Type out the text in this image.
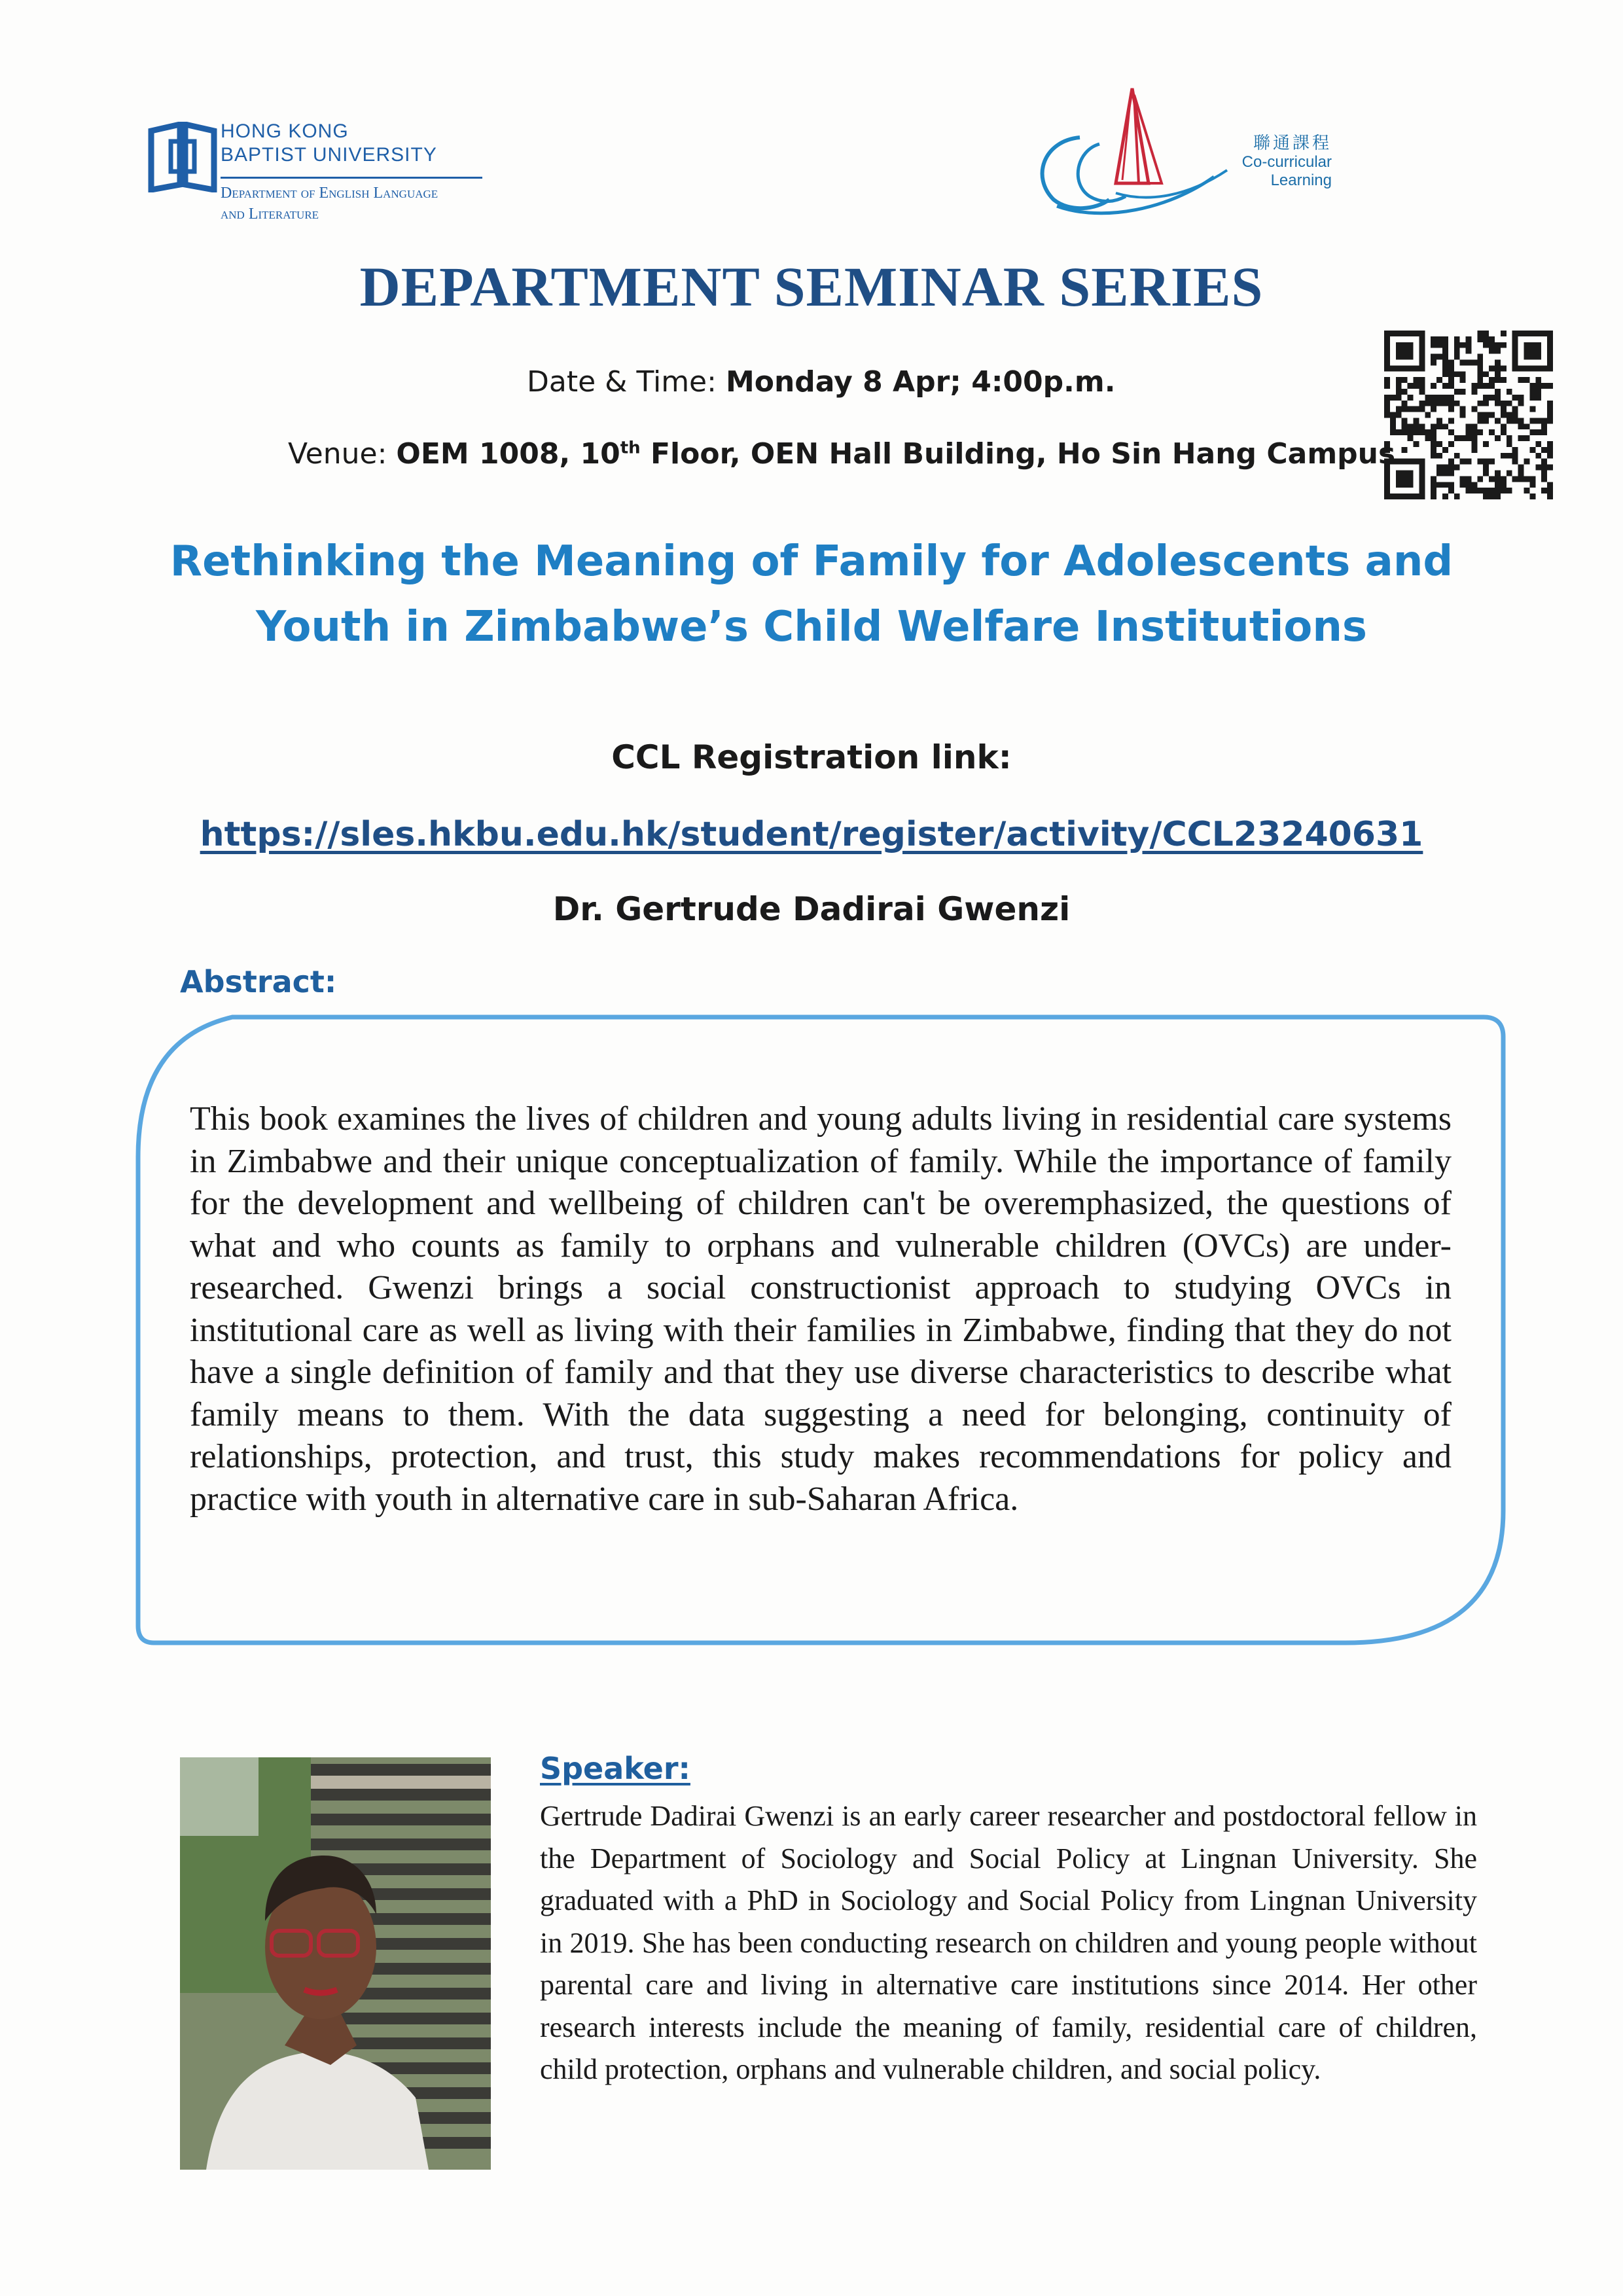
HONG KONG
BAPTIST UNIVERSITY
Department of English Language
and Literature
聯通課程
Co-curricular
Learning
DEPARTMENT SEMINAR SERIES
Date & Time: Monday 8 Apr; 4:00p.m.
Venue: OEM 1008, 10th Floor, OEN Hall Building, Ho Sin Hang Campus
Rethinking the Meaning of Family for Adolescents and
Youth in Zimbabwe’s Child Welfare Institutions
CCL Registration link:
https://sles.hkbu.edu.hk/student/register/activity/CCL23240631
Dr. Gertrude Dadirai Gwenzi
Abstract:
This book examines the lives of children and young adults living in residential care systems in Zimbabwe and their unique conceptualization of family. While the importance of family for the development and wellbeing of children can't be overemphasized, the questions of what and who counts as family to orphans and vulnerable children (OVCs) are under-researched. Gwenzi brings a social constructionist approach to studying OVCs in institutional care as well as living with their families in Zimbabwe, finding that they do not have a single definition of family and that they use diverse characteristics to describe what family means to them. With the data suggesting a need for belonging, continuity of relationships, protection, and trust, this study makes recommendations for policy and practice with youth in alternative care in sub-Saharan Africa.
Speaker:
Gertrude Dadirai Gwenzi is an early career researcher and postdoctoral fellow in the Department of Sociology and Social Policy at Lingnan University. She graduated with a PhD in Sociology and Social Policy from Lingnan University in 2019. She has been conducting research on children and young people without parental care and living in alternative care institutions since 2014. Her other research interests include the meaning of family, residential care of children, child protection, orphans and vulnerable children, and social policy.
